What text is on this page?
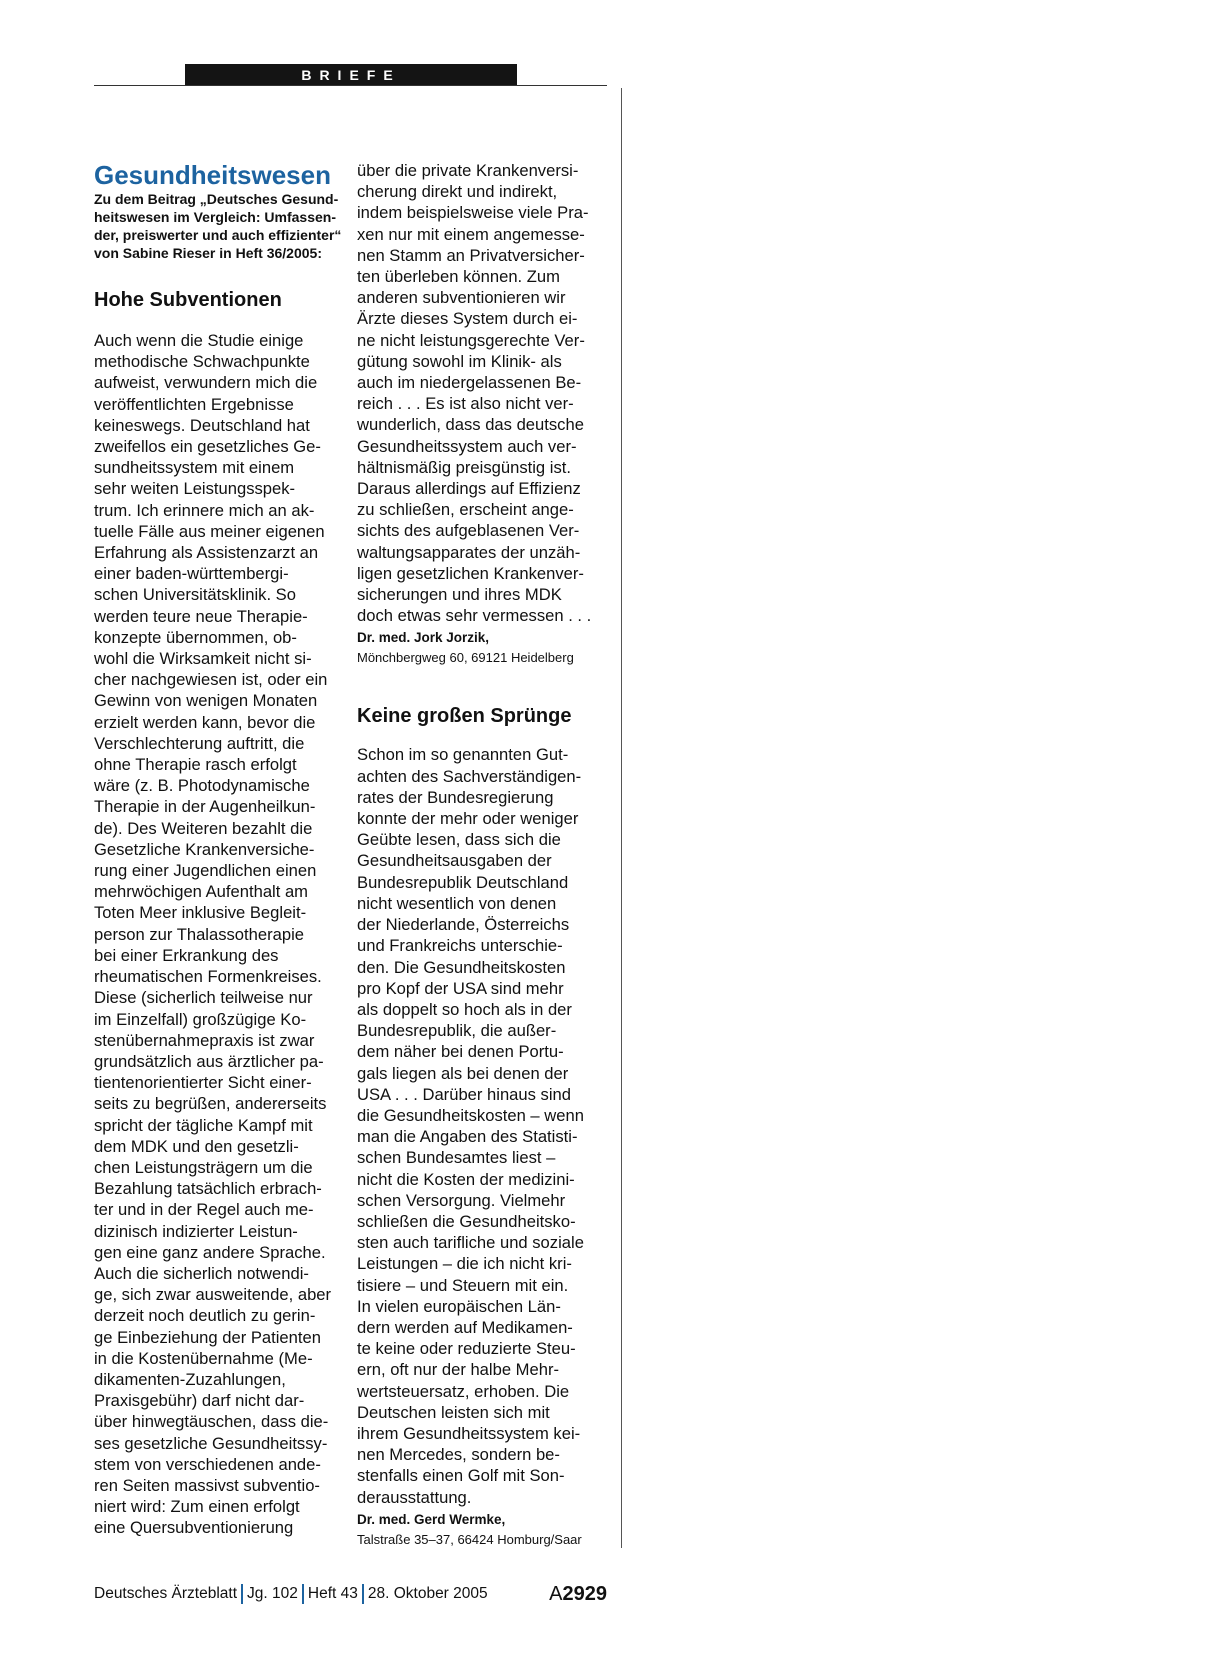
BRIEFE
Gesundheitswesen

Zu dem Beitrag „Deutsches Gesund-
heitswesen im Vergleich: Umfassen-
der, preiswerter und auch effizienter“
von Sabine Rieser in Heft 36/2005:

Hohe Subventionen

Auch wenn die Studie einige
methodische Schwachpunkte
aufweist, verwundern mich die
veröffentlichten Ergebnisse
keineswegs. Deutschland hat
zweifellos ein gesetzliches Ge-
sundheitssystem mit einem
sehr weiten Leistungsspek-
trum. Ich erinnere mich an ak-
tuelle Fälle aus meiner eigenen
Erfahrung als Assistenzarzt an
einer baden-württembergi-
schen Universitätsklinik. So
werden teure neue Therapie-
konzepte übernommen, ob-
wohl die Wirksamkeit nicht si-
cher nachgewiesen ist, oder ein
Gewinn von wenigen Monaten
erzielt werden kann, bevor die
Verschlechterung auftritt, die
ohne Therapie rasch erfolgt
wäre (z. B. Photodynamische
Therapie in der Augenheilkun-
de). Des Weiteren bezahlt die
Gesetzliche Krankenversiche-
rung einer Jugendlichen einen
mehrwöchigen Aufenthalt am
Toten Meer inklusive Begleit-
person zur Thalassotherapie
bei einer Erkrankung des
rheumatischen Formenkreises.
Diese (sicherlich teilweise nur
im Einzelfall) großzügige Ko-
stenübernahmepraxis ist zwar
grundsätzlich aus ärztlicher pa-
tientenorientierter Sicht einer-
seits zu begrüßen, andererseits
spricht der tägliche Kampf mit
dem MDK und den gesetzli-
chen Leistungsträgern um die
Bezahlung tatsächlich erbrach-
ter und in der Regel auch me-
dizinisch indizierter Leistun-
gen eine ganz andere Sprache.
Auch die sicherlich notwendi-
ge, sich zwar ausweitende, aber
derzeit noch deutlich zu gerin-
ge Einbeziehung der Patienten
in die Kostenübernahme (Me-
dikamenten-Zuzahlungen,
Praxisgebühr) darf nicht dar-
über hinwegtäuschen, dass die-
ses gesetzliche Gesundheitssy-
stem von verschiedenen ande-
ren Seiten massivst subventio-
niert wird: Zum einen erfolgt
eine Quersubventionierung

über die private Krankenversi-
cherung direkt und indirekt,
indem beispielsweise viele Pra-
xen nur mit einem angemesse-
nen Stamm an Privatversicher-
ten überleben können. Zum
anderen subventionieren wir
Ärzte dieses System durch ei-
ne nicht leistungsgerechte Ver-
gütung sowohl im Klinik- als
auch im niedergelassenen Be-
reich . . . Es ist also nicht ver-
wunderlich, dass das deutsche
Gesundheitssystem auch ver-
hältnismäßig preisgünstig ist.
Daraus allerdings auf Effizienz
zu schließen, erscheint ange-
sichts des aufgeblasenen Ver-
waltungsapparates der unzäh-
ligen gesetzlichen Krankenver-
sicherungen und ihres MDK
doch etwas sehr vermessen . . .

Dr. med. Jork Jorzik,

Mönchbergweg 60, 69121 Heidelberg

Keine großen Sprünge

Schon im so genannten Gut-
achten des Sachverständigen-
rates der Bundesregierung
konnte der mehr oder weniger
Geübte lesen, dass sich die
Gesundheitsausgaben der
Bundesrepublik Deutschland
nicht wesentlich von denen
der Niederlande, Österreichs
und Frankreichs unterschie-
den. Die Gesundheitskosten
pro Kopf der USA sind mehr
als doppelt so hoch als in der
Bundesrepublik, die außer-
dem näher bei denen Portu-
gals liegen als bei denen der
USA . . . Darüber hinaus sind
die Gesundheitskosten – wenn
man die Angaben des Statisti-
schen Bundesamtes liest –
nicht die Kosten der medizini-
schen Versorgung. Vielmehr
schließen die Gesundheitsko-
sten auch tarifliche und soziale
Leistungen – die ich nicht kri-
tisiere – und Steuern mit ein.
In vielen europäischen Län-
dern werden auf Medikamen-
te keine oder reduzierte Steu-
ern, oft nur der halbe Mehr-
wertsteuersatz, erhoben. Die
Deutschen leisten sich mit
ihrem Gesundheitssystem kei-
nen Mercedes, sondern be-
stenfalls einen Golf mit Son-
derausstattung.

Dr. med. Gerd Wermke,

Talstraße 35–37, 66424 Homburg/Saar

Deutsches Ärzteblatt Jg. 102 Heft 43 28. Oktober 2005	A2929
